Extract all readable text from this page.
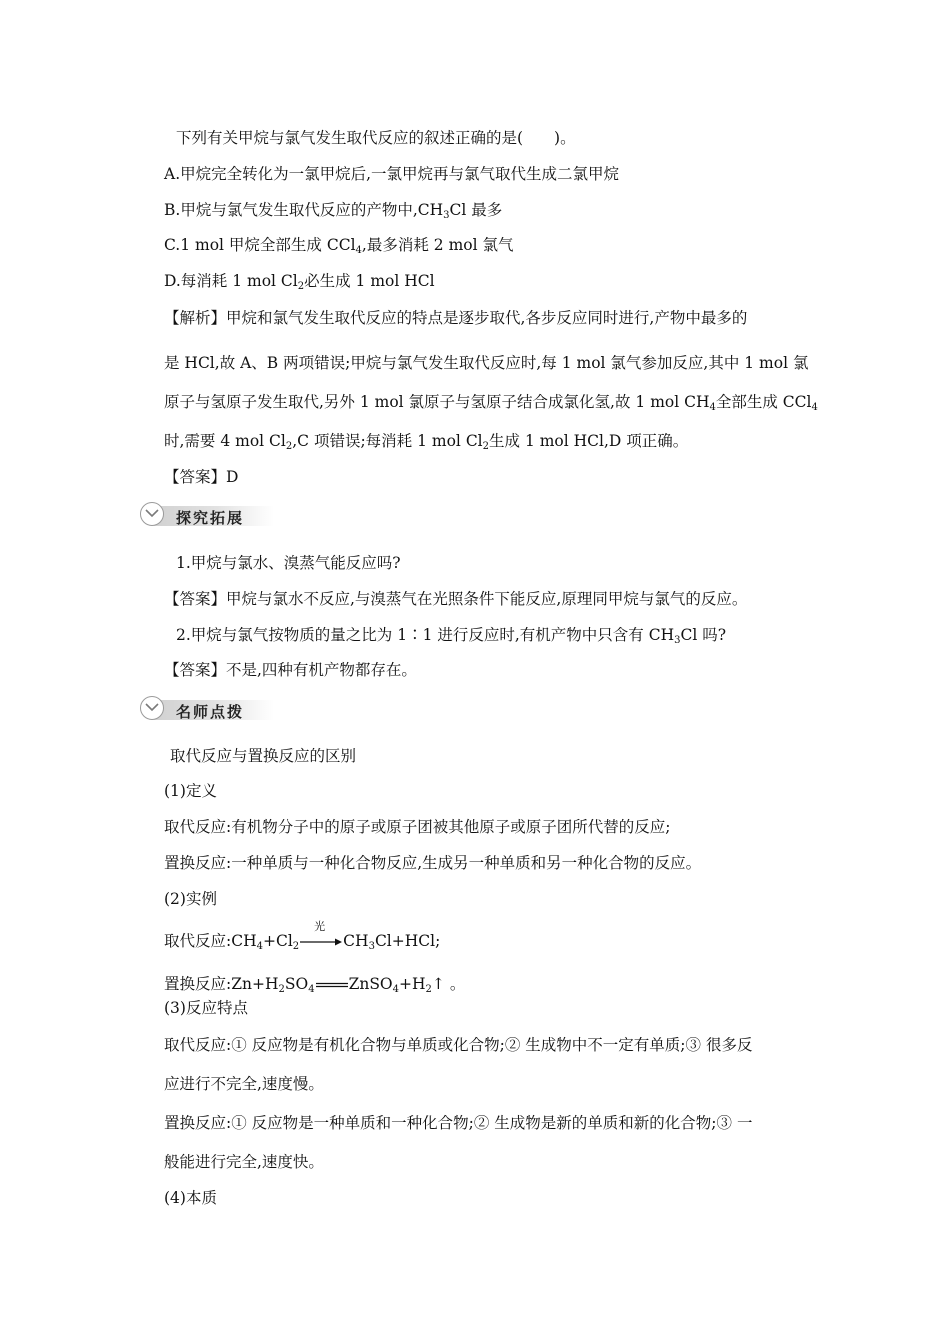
下列有关甲烷与氯气发生取代反应的叙述正确的是(　　)。
A.甲烷完全转化为一氯甲烷后,一氯甲烷再与氯气取代生成二氯甲烷
B.甲烷与氯气发生取代反应的产物中$,CH_3Cl$ 最多
C.1 mol 甲烷全部生成 CCl$_4$,最多消耗 2 mol 氯气
D.每消耗 1 mol $Cl_2$必生成 1 mol HCl
【解析】甲烷和氯气发生取代反应的特点是逐步取代,各步反应同时进行,产物中最多的
是 HCl,故 A、B 两项错误;甲烷与氯气发生取代反应时,每 1 mol 氯气参加反应,其中 1 mol 氯
原子与氢原子发生取代,另外 1 mol 氯原子与氢原子结合成氯化氢,故 1 mol $CH_4$全部生成 CCl$_4$
时,需要 4 mol $Cl_2,C$ 项错误;每消耗 1 mol $Cl_2$生成 1 mol HCl,D 项正确。
【答案】D
探究拓展
1.甲烷与氯水、溴蒸气能反应吗?
【答案】甲烷与氯水不反应,与溴蒸气在光照条件下能反应,原理同甲烷与氯气的反应。
2.甲烷与氯气按物质的量之比为 1∶1 进行反应时,有机产物中只含有 $CH_3Cl$ 吗?
【答案】不是,四种有机产物都存在。
名师点拨
取代反应与置换反应的区别
(1)定义
取代反应:有机物分子中的原子或原子团被其他原子或原子团所代替的反应;
置换反应:一种单质与一种化合物反应,生成另一种单质和另一种化合物的反应。
(2)实例
取代反应$:CH_4+Cl_2$
光
$CH_3Cl+HCl$;
置换反应$:Zn+H_2SO_4$ $ZnSO_4+H_2↑$ 。
(3)反应特点
取代反应:① 反应物是有机化合物与单质或化合物;② 生成物中不一定有单质;③ 很多反
应进行不完全,速度慢。
置换反应:① 反应物是一种单质和一种化合物;② 生成物是新的单质和新的化合物;③ 一
般能进行完全,速度快。
(4)本质
